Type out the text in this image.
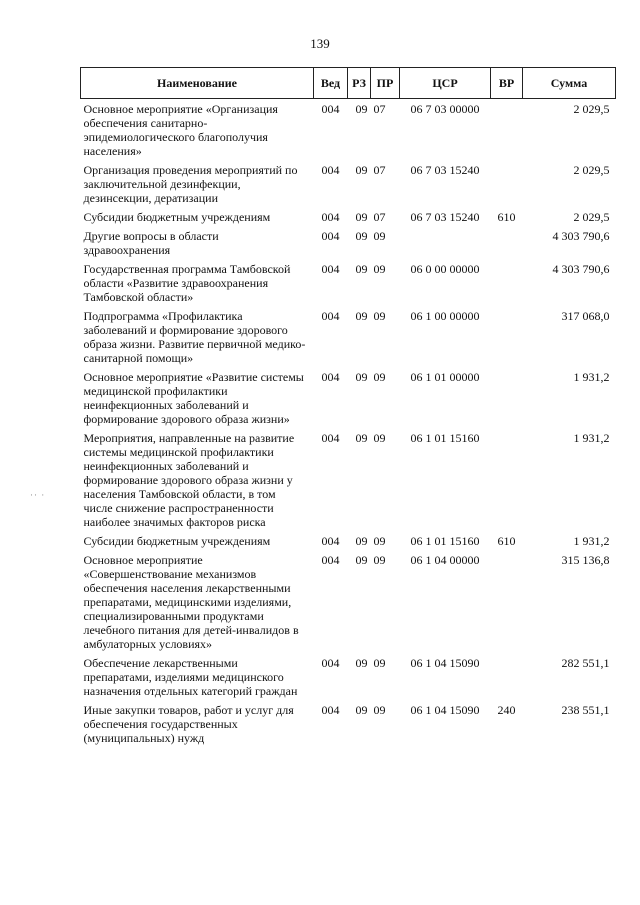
139
·· ·
Наименование	Вед	РЗ	ПР	ЦСР	ВР	Сумма
Основное мероприятие «Организация обеспечения санитарно-эпидемиологического благополучия населения»	004	09	07	06 7 03 00000		2 029,5
Организация проведения мероприятий по заключительной дезинфекции, дезинсекции, дератизации	004	09	07	06 7 03 15240		2 029,5
Субсидии бюджетным учреждениям	004	09	07	06 7 03 15240	610	2 029,5
Другие вопросы в области здравоохранения	004	09	09			4 303 790,6
Государственная программа Тамбовской области «Развитие здравоохранения Тамбовской области»	004	09	09	06 0 00 00000		4 303 790,6
Подпрограмма «Профилактика заболеваний и формирование здорового образа жизни. Развитие первичной медико-санитарной помощи»	004	09	09	06 1 00 00000		317 068,0
Основное мероприятие «Развитие системы медицинской профилактики неинфекционных заболеваний и формирование здорового образа жизни»	004	09	09	06 1 01 00000		1 931,2
Мероприятия, направленные на развитие системы медицинской профилактики неинфекционных заболеваний и формирование здорового образа жизни у населения Тамбовской области, в том числе снижение распространенности наиболее значимых факторов риска	004	09	09	06 1 01 15160		1 931,2
Субсидии бюджетным учреждениям	004	09	09	06 1 01 15160	610	1 931,2
Основное мероприятие «Совершенствование механизмов обеспечения населения лекарственными препаратами, медицинскими изделиями, специализированными продуктами лечебного питания для детей-инвалидов в амбулаторных условиях»	004	09	09	06 1 04 00000		315 136,8
Обеспечение лекарственными препаратами, изделиями медицинского назначения отдельных категорий граждан	004	09	09	06 1 04 15090		282 551,1
Иные закупки товаров, работ и услуг для обеспечения государственных (муниципальных) нужд	004	09	09	06 1 04 15090	240	238 551,1
